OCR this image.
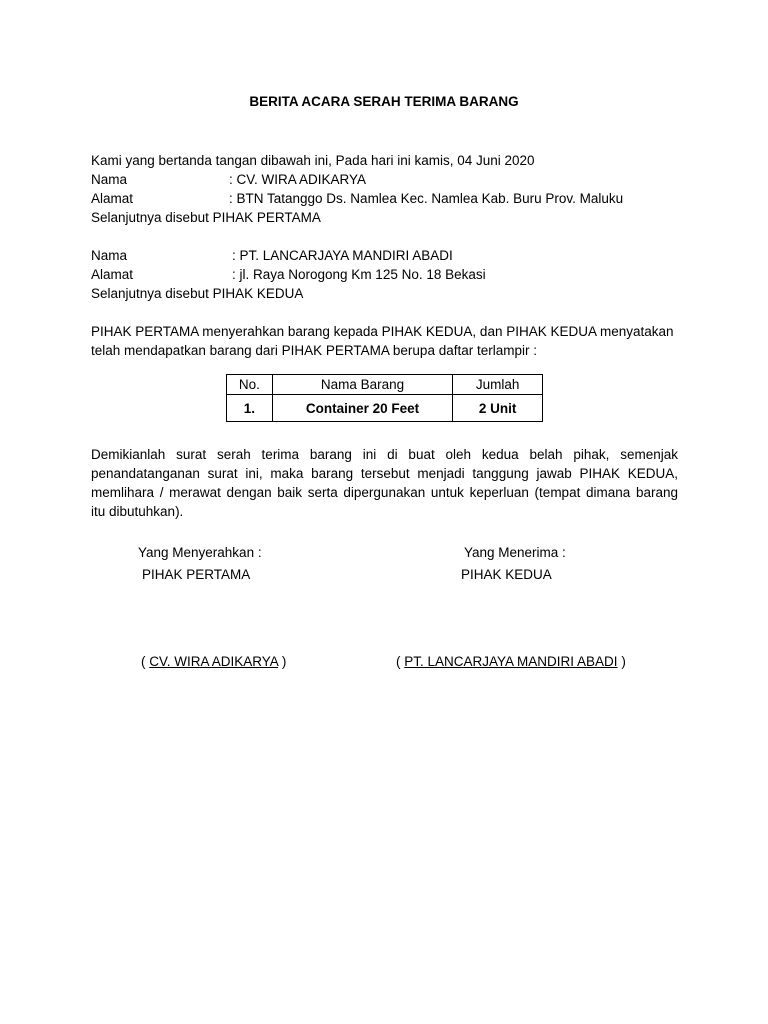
BERITA ACARA SERAH TERIMA BARANG
Kami yang bertanda tangan dibawah ini, Pada hari ini kamis, 04 Juni 2020
Nama	: CV. WIRA ADIKARYA
Alamat	: BTN Tatanggo Ds. Namlea Kec. Namlea Kab. Buru Prov. Maluku
Selanjutnya disebut PIHAK PERTAMA
Nama	: PT. LANCARJAYA MANDIRI ABADI
Alamat	: jl. Raya Norogong Km 125 No. 18 Bekasi
Selanjutnya disebut PIHAK KEDUA
PIHAK PERTAMA menyerahkan barang kepada PIHAK KEDUA, dan PIHAK KEDUA menyatakan
telah mendapatkan barang dari PIHAK PERTAMA berupa daftar terlampir :
No.	Nama Barang	Jumlah
1.	Container 20 Feet	2 Unit
Demikianlah surat serah terima barang ini di buat oleh kedua belah pihak, semenjak
penandatanganan surat ini, maka barang tersebut menjadi tanggung jawab PIHAK KEDUA,
memlihara / merawat dengan baik serta dipergunakan untuk keperluan (tempat dimana barang
itu dibutuhkan).
Yang Menyerahkan :
PIHAK PERTAMA
Yang Menerima :
PIHAK KEDUA
( CV. WIRA ADIKARYA )	( PT. LANCARJAYA MANDIRI ABADI )
